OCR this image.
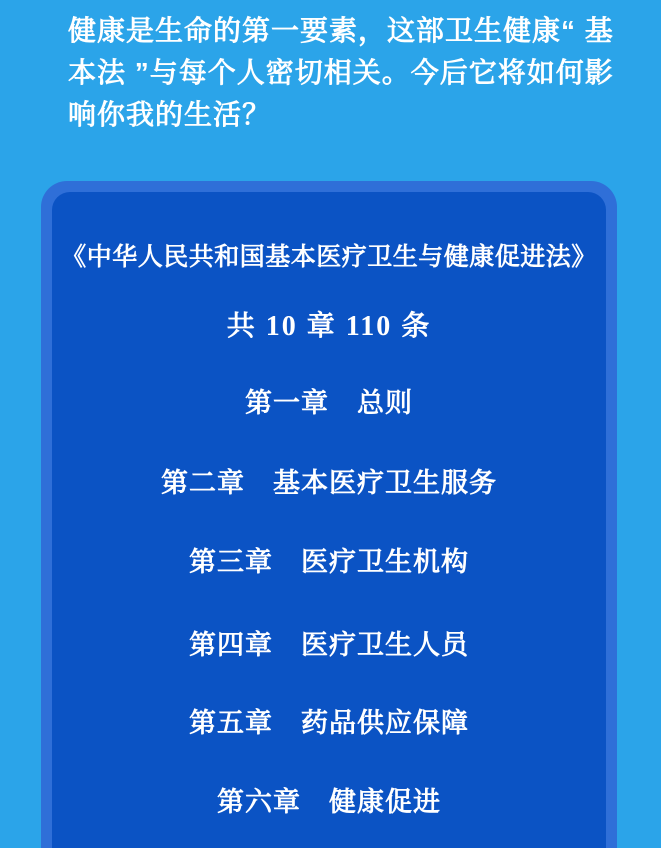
健康是生命的第一要素，这部卫生健康“ 基
本法 ”与每个人密切相关。今后它将如何影
响你我的生活？
《中华人民共和国基本医疗卫生与健康促进法》
共 10 章 110 条
第一章　总则
第二章　基本医疗卫生服务
第三章　医疗卫生机构
第四章　医疗卫生人员
第五章　药品供应保障
第六章　健康促进
